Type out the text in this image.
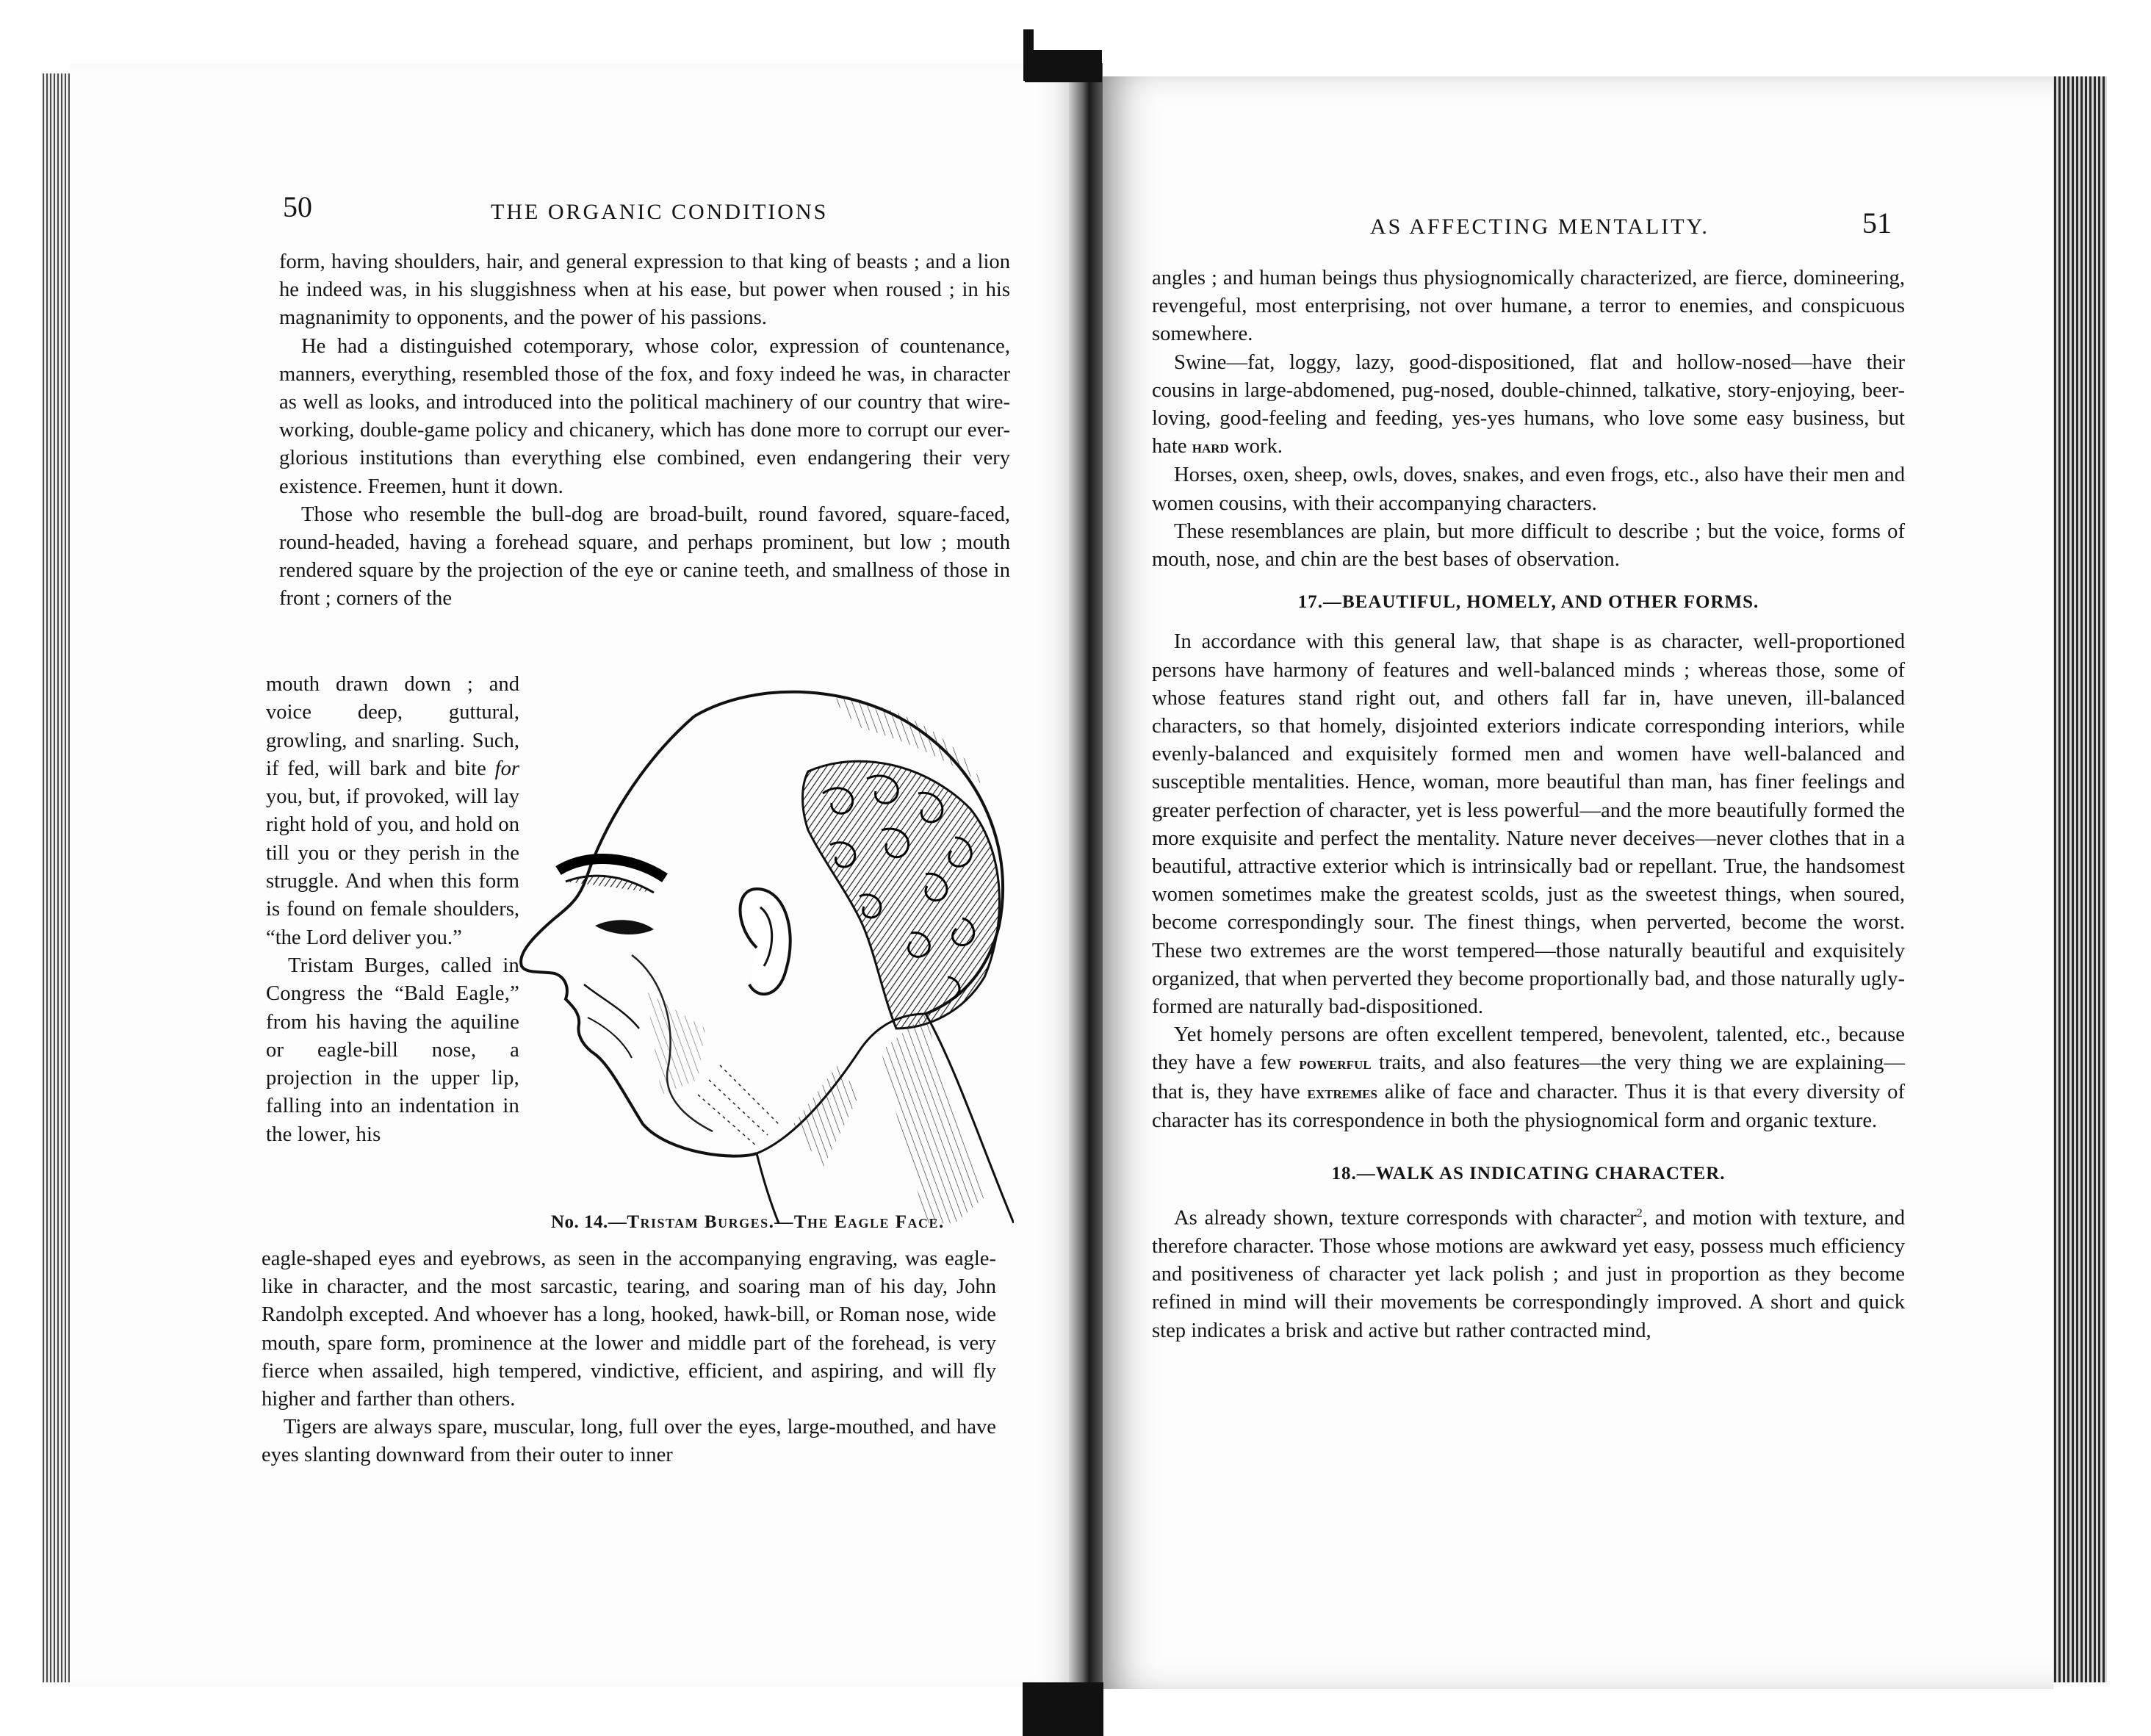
50	THE ORGANIC CONDITIONS

form, having shoulders, hair, and general expression to that king of beasts ; and a lion he indeed was, in his sluggishness when at his ease, but power when roused ; in his magnanimity to opponents, and the power of his passions.

He had a distinguished cotemporary, whose color, expression of countenance, manners, everything, resembled those of the fox, and foxy indeed he was, in character as well as looks, and introduced into the political machinery of our country that wire-working, double-game policy and chicanery, which has done more to corrupt our ever-glorious institutions than everything else combined, even endangering their very existence. Freemen, hunt it down.

Those who resemble the bull-dog are broad-built, round favored, square-faced, round-headed, having a forehead square, and perhaps prominent, but low ; mouth rendered square by the projection of the eye or canine teeth, and smallness of those in front ; corners of the

mouth drawn down ; and voice deep, guttural, growling, and snarling. Such, if fed, will bark and bite for you, but, if provoked, will lay right hold of you, and hold on till you or they perish in the struggle. And when this form is found on female shoulders, “the Lord deliver you.”

Tristam Burges, called in Congress the “Bald Eagle,” from his having the aquiline or eagle-bill nose, a projection in the upper lip, falling into an indentation in the lower, his

No. 14.—Tristam Burges.—The Eagle Face.

eagle-shaped eyes and eyebrows, as seen in the accompanying engraving, was eagle-like in character, and the most sarcastic, tearing, and soaring man of his day, John Randolph excepted. And whoever has a long, hooked, hawk-bill, or Roman nose, wide mouth, spare form, prominence at the lower and middle part of the forehead, is very fierce when assailed, high tempered, vindictive, efficient, and aspiring, and will fly higher and farther than others.

Tigers are always spare, muscular, long, full over the eyes, large-mouthed, and have eyes slanting downward from their outer to inner

AS AFFECTING MENTALITY.	51

angles ; and human beings thus physiognomically characterized, are fierce, domineering, revengeful, most enterprising, not over humane, a terror to enemies, and conspicuous somewhere.

Swine—fat, loggy, lazy, good-dispositioned, flat and hollow-nosed—have their cousins in large-abdomened, pug-nosed, double-chinned, talkative, story-enjoying, beer-loving, good-feeling and feeding, yes-yes humans, who love some easy business, but hate hard work.

Horses, oxen, sheep, owls, doves, snakes, and even frogs, etc., also have their men and women cousins, with their accompanying characters.

These resemblances are plain, but more difficult to describe ; but the voice, forms of mouth, nose, and chin are the best bases of observation.

17.—BEAUTIFUL, HOMELY, AND OTHER FORMS.

In accordance with this general law, that shape is as character, well-proportioned persons have harmony of features and well-balanced minds ; whereas those, some of whose features stand right out, and others fall far in, have uneven, ill-balanced characters, so that homely, disjointed exteriors indicate corresponding interiors, while evenly-balanced and exquisitely formed men and women have well-balanced and susceptible mentalities. Hence, woman, more beautiful than man, has finer feelings and greater perfection of character, yet is less powerful—and the more beautifully formed the more exquisite and perfect the mentality. Nature never deceives—never clothes that in a beautiful, attractive exterior which is intrinsically bad or repellant. True, the handsomest women sometimes make the greatest scolds, just as the sweetest things, when soured, become correspondingly sour. The finest things, when perverted, become the worst. These two extremes are the worst tempered—those naturally beautiful and exquisitely organized, that when perverted they become proportionally bad, and those naturally ugly-formed are naturally bad-dispositioned.

Yet homely persons are often excellent tempered, benevolent, talented, etc., because they have a few powerful traits, and also features—the very thing we are explaining—that is, they have extremes alike of face and character. Thus it is that every diversity of character has its correspondence in both the physiognomical form and organic texture.

18.—WALK AS INDICATING CHARACTER.

As already shown, texture corresponds with character$^2$, and motion with texture, and therefore character. Those whose motions are awkward yet easy, possess much efficiency and positiveness of character yet lack polish ; and just in proportion as they become refined in mind will their movements be correspondingly improved. A short and quick step indicates a brisk and active but rather contracted mind,
